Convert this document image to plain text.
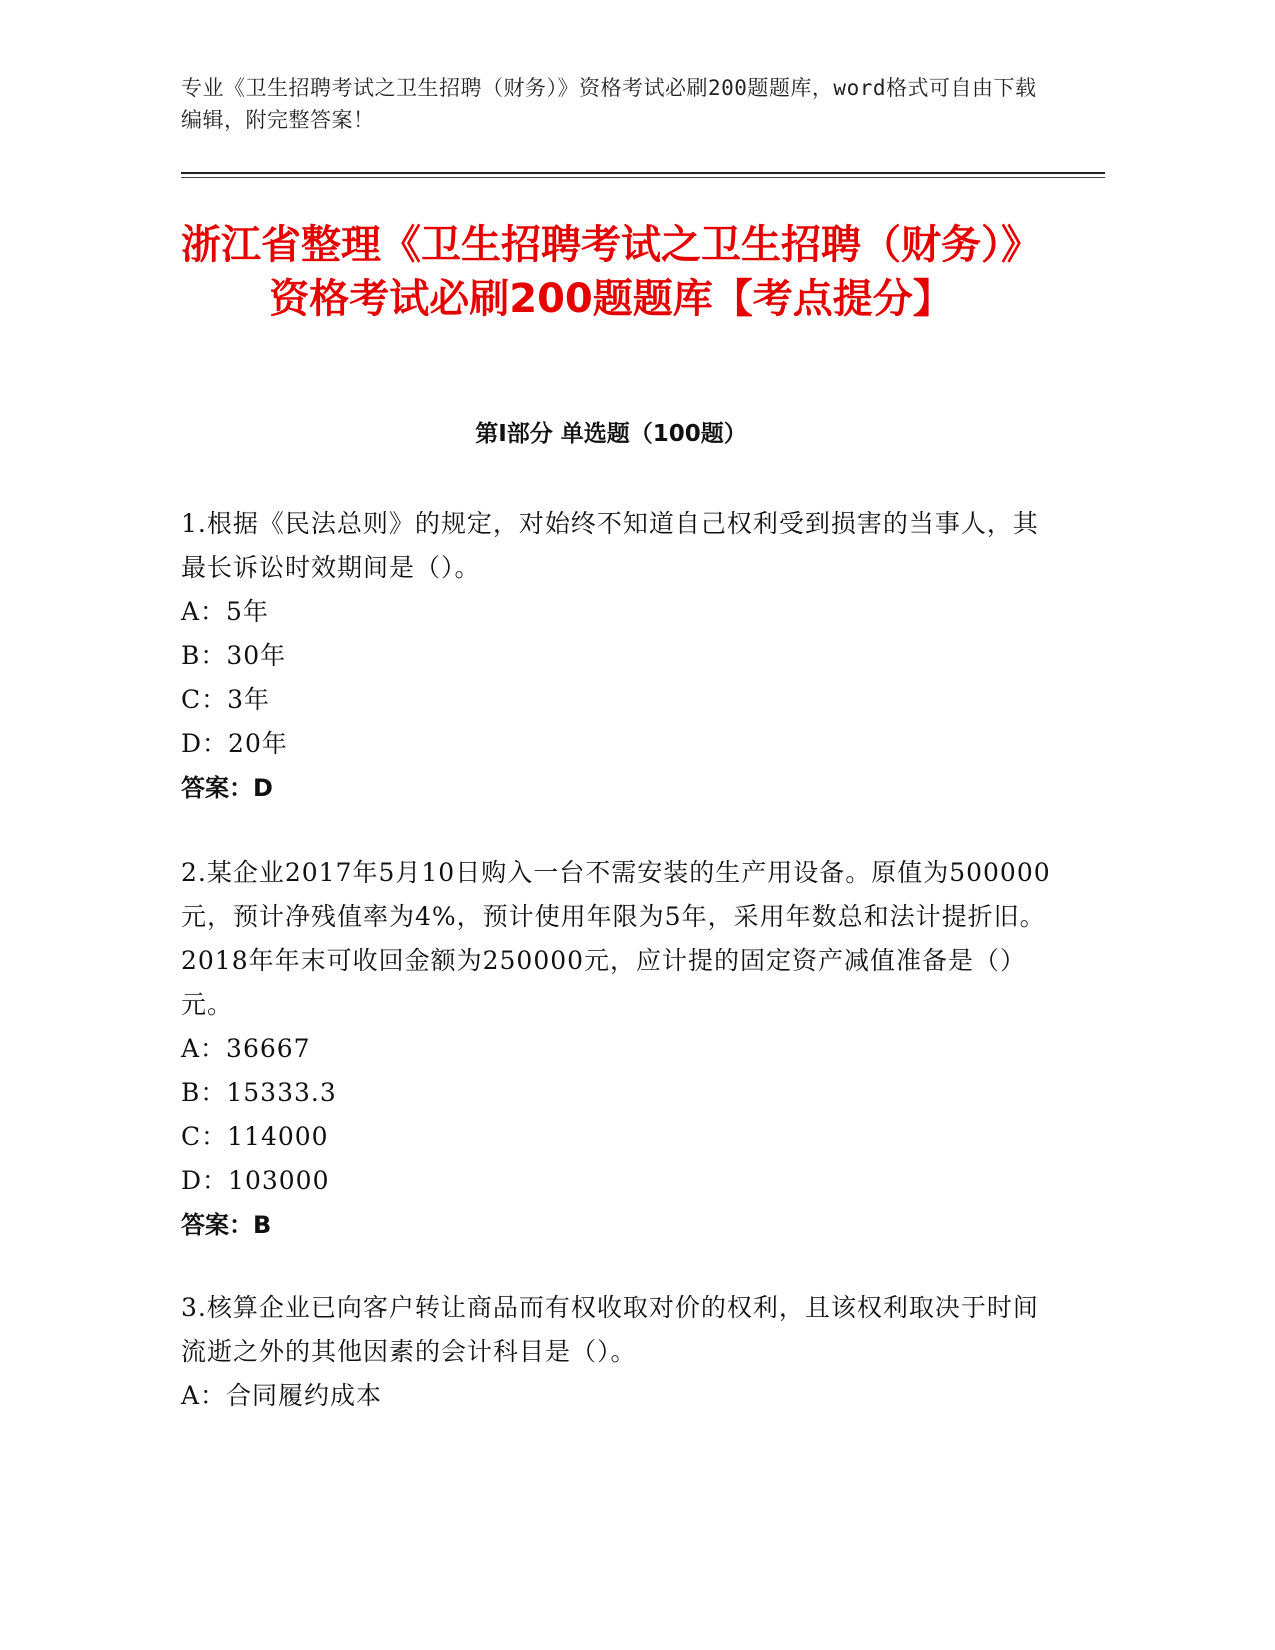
专业《卫生招聘考试之卫生招聘（财务）》资格考试必刷200题题库，word格式可自由下载编辑，附完整答案！
浙江省整理《卫生招聘考试之卫生招聘（财务）》资格考试必刷200题题库【考点提分】
第Ⅰ部分 单选题（100题）

1.根据《民法总则》的规定，对始终不知道自己权利受到损害的当事人，其最长诉讼时效期间是（）。

A：5年

B：30年

C：3年

D：20年

答案：D

2.某企业2017年5月10日购入一台不需安装的生产用设备。原值为500000元，预计净残值率为4%，预计使用年限为5年，采用年数总和法计提折旧。2018年年末可收回金额为250000元，应计提的固定资产减值准备是（）元。

A：36667

B：15333.3

C：114000

D：103000

答案：B

3.核算企业已向客户转让商品而有权收取对价的权利，且该权利取决于时间流逝之外的其他因素的会计科目是（）。

A：合同履约成本
